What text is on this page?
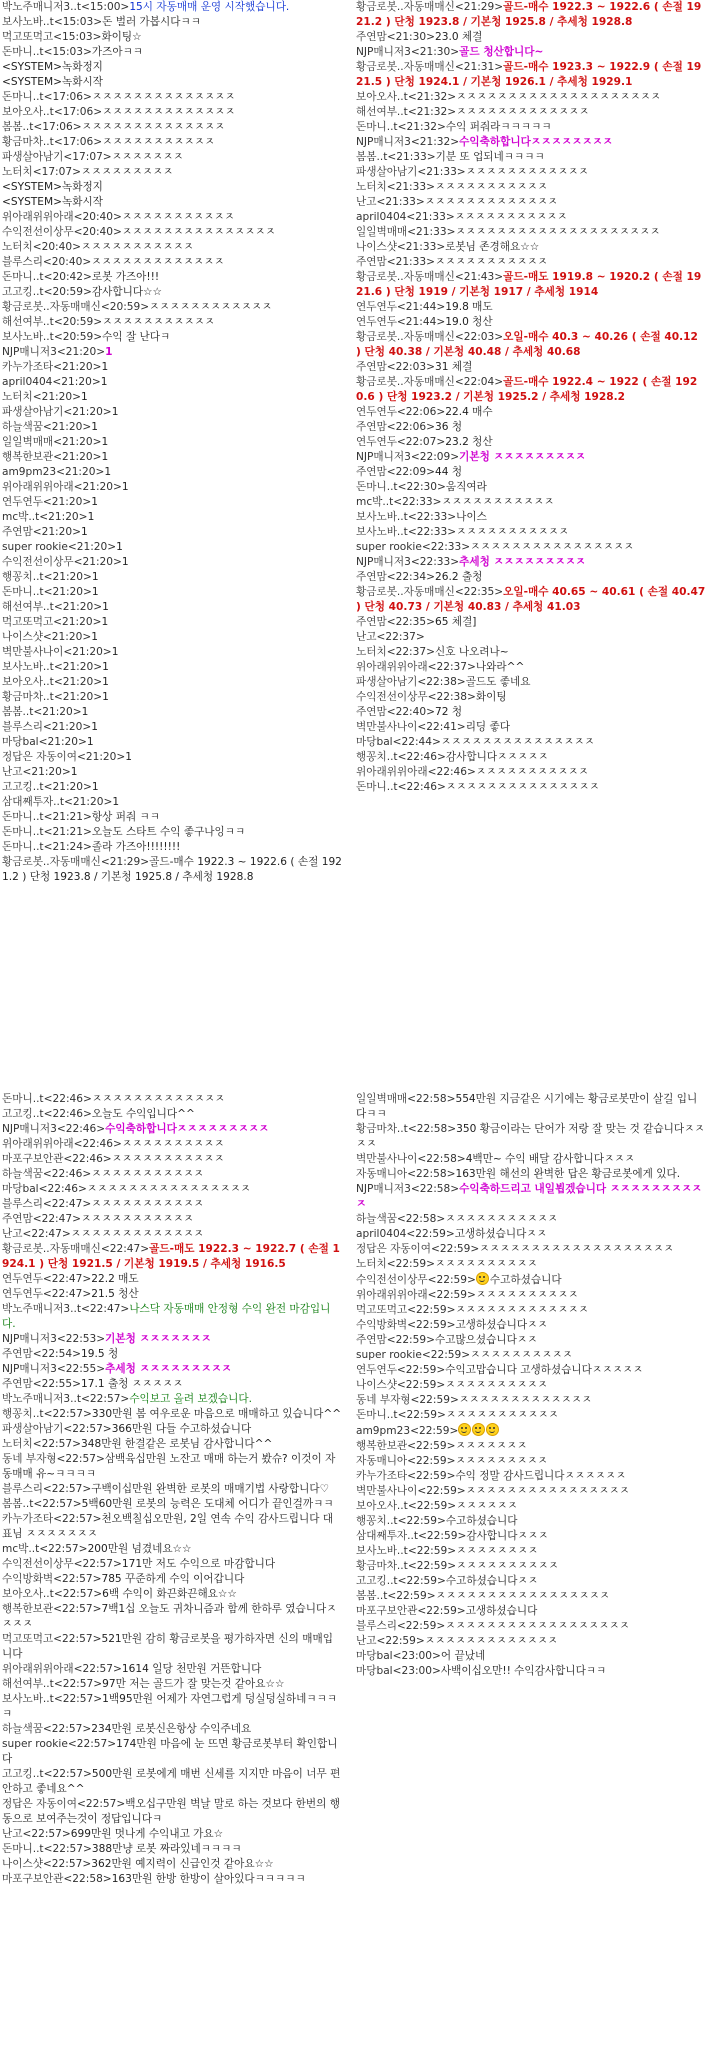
박노주매니저3..t<15:00>15시 자동매매 운영 시작했습니다.
보사노바..t<15:03>돈 벌러 가봅시다ㅋㅋ
먹고또먹고<15:03>화이팅☆
돈마니..t<15:03>가즈아ㅋㅋ
<SYSTEM>녹화정지
<SYSTEM>녹화시작
돈마니..t<17:06>ㅈㅈㅈㅈㅈㅈㅈㅈㅈㅈㅈㅈㅈㅈ
보아오사..t<17:06>ㅈㅈㅈㅈㅈㅈㅈㅈㅈㅈㅈㅈㅈ
봄봄..t<17:06>ㅈㅈㅈㅈㅈㅈㅈㅈㅈㅈㅈㅈㅈㅈ
황금마차..t<17:06>ㅈㅈㅈㅈㅈㅈㅈㅈㅈㅈㅈ
파생살아남기<17:07>ㅈㅈㅈㅈㅈㅈㅈ
노터치<17:07>ㅈㅈㅈㅈㅈㅈㅈㅈㅈ
<SYSTEM>녹화정지
<SYSTEM>녹화시작
위아래위위아래<20:40>ㅈㅈㅈㅈㅈㅈㅈㅈㅈㅈㅈ
수익전선이상무<20:40>ㅈㅈㅈㅈㅈㅈㅈㅈㅈㅈㅈㅈㅈㅈㅈ
노터치<20:40>ㅈㅈㅈㅈㅈㅈㅈㅈㅈㅈㅈ
블루스리<20:40>ㅈㅈㅈㅈㅈㅈㅈㅈㅈㅈㅈㅈㅈ
돈마니..t<20:42>로봇 가즈아!!!
고고킹..t<20:59>감사합니다☆☆
황금로봇..자동매매신<20:59>ㅈㅈㅈㅈㅈㅈㅈㅈㅈㅈㅈㅈ
해선여부..t<20:59>ㅈㅈㅈㅈㅈㅈㅈㅈㅈㅈㅈ
보사노바..t<20:59>수익 잘 난다ㅋ
NJP매니저3<21:20>1
카누가조타<21:20>1
april0404<21:20>1
노터치<21:20>1
파생살아남기<21:20>1
하늘색꿈<21:20>1
일일벽매매<21:20>1
행복한보관<21:20>1
am9pm23<21:20>1
위아래위위아래<21:20>1
연두연두<21:20>1
mc박..t<21:20>1
주연맘<21:20>1
super rookie<21:20>1
수익전선이상무<21:20>1
행꽁치..t<21:20>1
돈마니..t<21:20>1
해선여부..t<21:20>1
먹고또먹고<21:20>1
나이스샷<21:20>1
벽만불사나이<21:20>1
보사노바..t<21:20>1
보아오사..t<21:20>1
황금마차..t<21:20>1
봄봄..t<21:20>1
블루스리<21:20>1
마당bal<21:20>1
정답은 자동이여<21:20>1
난고<21:20>1
고고킹..t<21:20>1
삼대째투자..t<21:20>1
돈마니..t<21:21>항상 퍼줘 ㅋㅋ
돈마니..t<21:21>오늘도 스타트 수익 좋구나잉ㅋㅋ
돈마니..t<21:24>졸라 가즈아!!!!!!!!
황금로봇..자동매매신<21:29>골드-매수 1922.3 ~ 1922.6 ( 손절 1921.2 ) 단청 1923.8 / 기본청 1925.8 / 추세청 1928.8
황금로봇..자동매매신<21:29>골드-매수 1922.3 ~ 1922.6 ( 손절 1921.2 ) 단청 1923.8 / 기본청 1925.8 / 추세청 1928.8
주연맘<21:30>23.0 체결
NJP매니저3<21:30>골드 청산합니다~
황금로봇..자동매매신<21:31>골드-매수 1923.3 ~ 1922.9 ( 손절 1921.5 ) 단청 1924.1 / 기본청 1926.1 / 추세청 1929.1
보아오사..t<21:32>ㅈㅈㅈㅈㅈㅈㅈㅈㅈㅈㅈㅈㅈㅈㅈㅈㅈㅈㅈㅈ
해선여부..t<21:32>ㅈㅈㅈㅈㅈㅈㅈㅈㅈㅈㅈㅈㅈ
돈마니..t<21:32>수익 퍼줘라ㅋㅋㅋㅋㅋ
NJP매니저3<21:32>수익축하합니다ㅈㅈㅈㅈㅈㅈㅈㅈ
봄봄..t<21:33>기분 또 업되네ㅋㅋㅋㅋ
파생살아남기<21:33>ㅈㅈㅈㅈㅈㅈㅈㅈㅈㅈㅈㅈ
노터치<21:33>ㅈㅈㅈㅈㅈㅈㅈㅈㅈㅈㅈ
난고<21:33>ㅈㅈㅈㅈㅈㅈㅈㅈㅈㅈㅈㅈㅈ
april0404<21:33>ㅈㅈㅈㅈㅈㅈㅈㅈㅈㅈㅈ
일일벽매매<21:33>ㅈㅈㅈㅈㅈㅈㅈㅈㅈㅈㅈㅈㅈㅈㅈㅈㅈㅈㅈㅈ
나이스샷<21:33>로봇님 존경해요☆☆
주연맘<21:33>ㅈㅈㅈㅈㅈㅈㅈㅈㅈㅈㅈ
황금로봇..자동매매신<21:43>골드-매도 1919.8 ~ 1920.2 ( 손절 1921.6 ) 단청 1919 / 기본청 1917 / 추세청 1914
연두연두<21:44>19.8 매도
연두연두<21:44>19.0 청산
황금로봇..자동매매신<22:03>오일-매수 40.3 ~ 40.26 ( 손절 40.12 ) 단청 40.38 / 기본청 40.48 / 추세청 40.68
주연맘<22:03>31 체결
황금로봇..자동매매신<22:04>골드-매수 1922.4 ~ 1922 ( 손절 1920.6 ) 단청 1923.2 / 기본청 1925.2 / 추세청 1928.2
연두연두<22:06>22.4 매수
주연맘<22:06>36 청
연두연두<22:07>23.2 청산
NJP매니저3<22:09>기본청 ㅈㅈㅈㅈㅈㅈㅈㅈㅈ
주연맘<22:09>44 청
돈마니..t<22:30>움직여라
mc박..t<22:33>ㅈㅈㅈㅈㅈㅈㅈㅈㅈㅈㅈ
보사노바..t<22:33>나이스
보사노바..t<22:33>ㅈㅈㅈㅈㅈㅈㅈㅈㅈㅈㅈ
super rookie<22:33>ㅈㅈㅈㅈㅈㅈㅈㅈㅈㅈㅈㅈㅈㅈㅈㅈ
NJP매니저3<22:33>추세청 ㅈㅈㅈㅈㅈㅈㅈㅈㅈ
주연맘<22:34>26.2 출청
황금로봇..자동매매신<22:35>오일-매수 40.65 ~ 40.61 ( 손절 40.47 ) 단청 40.73 / 기본청 40.83 / 추세청 41.03
주연맘<22:35>65 체결]
난고<22:37>
노터치<22:37>신호 나오려나~
위아래위위아래<22:37>나와라^^
파생살아남기<22:38>골드도 좋네요
수익전선이상무<22:38>화이팅
주연맘<22:40>72 청
벽만불사나이<22:41>리딩 좋다
마당bal<22:44>ㅈㅈㅈㅈㅈㅈㅈㅈㅈㅈㅈㅈㅈㅈㅈ
행꽁치..t<22:46>감사합니다ㅈㅈㅈㅈㅈ
위아래위위아래<22:46>ㅈㅈㅈㅈㅈㅈㅈㅈㅈㅈㅈ
돈마니..t<22:46>ㅈㅈㅈㅈㅈㅈㅈㅈㅈㅈㅈㅈㅈㅈㅈ
돈마니..t<22:46>ㅈㅈㅈㅈㅈㅈㅈㅈㅈㅈㅈㅈㅈ
고고킹..t<22:46>오늘도 수익입니다^^
NJP매니저3<22:46>수익축하합니다ㅈㅈㅈㅈㅈㅈㅈㅈㅈ
위아래위위아래<22:46>ㅈㅈㅈㅈㅈㅈㅈㅈㅈㅈ
마포구보안관<22:46>ㅈㅈㅈㅈㅈㅈㅈㅈㅈㅈㅈ
하늘색꿈<22:46>ㅈㅈㅈㅈㅈㅈㅈㅈㅈㅈㅈ
마당bal<22:46>ㅈㅈㅈㅈㅈㅈㅈㅈㅈㅈㅈㅈㅈㅈㅈㅈ
블루스리<22:47>ㅈㅈㅈㅈㅈㅈㅈㅈㅈㅈㅈ
주연맘<22:47>ㅈㅈㅈㅈㅈㅈㅈㅈㅈㅈㅈ
난고<22:47>ㅈㅈㅈㅈㅈㅈㅈㅈㅈㅈㅈㅈㅈ
황금로봇..자동매매신<22:47>골드-매도 1922.3 ~ 1922.7 ( 손절 1924.1 ) 단청 1921.5 / 기본청 1919.5 / 추세청 1916.5
연두연두<22:47>22.2 매도
연두연두<22:47>21.5 청산
박노주매니저3..t<22:47>나스닥 자동매매 안정형 수익 완전 마감입니다.
NJP매니저3<22:53>기본청 ㅈㅈㅈㅈㅈㅈㅈ
주연맘<22:54>19.5 청
NJP매니저3<22:55>추세청 ㅈㅈㅈㅈㅈㅈㅈㅈㅈ
주연맘<22:55>17.1 출청 ㅈㅈㅈㅈㅈ
박노주매니저3..t<22:57>수익보고 올려 보겠습니다.
행꽁치..t<22:57>330만원 봄 여우로운 마음으로 매매하고 있습니다^^
파생살아남기<22:57>366만원 다들 수고하셨습니다
노터치<22:57>348만원 한결같은 로봇님 감사합니다^^
동네 부자형<22:57>삼백육십만원 노잔고 매매 하는거 봤슈? 이것이 자동매매 유~ㅋㅋㅋㅋ
블루스리<22:57>구백이십만원 완벽한 로봇의 매매기법 사랑합니다♡
봄봄..t<22:57>5백60만원 로봇의 능력은 도대체 어디가 끝인걸까ㅋㅋ
카누가조타<22:57>천오백칠십오만원, 2일 연속 수익 감사드립니다 대표님 ㅈㅈㅈㅈㅈㅈㅈ
mc박..t<22:57>200만원 넘겼네요☆☆
수익전선이상무<22:57>171만 저도 수익으로 마감합니다
수익방화벽<22:57>785 꾸준하게 수익 이어갑니다
보아오사..t<22:57>6백 수익이 화끈화끈해요☆☆
행복한보관<22:57>7백1십 오늘도 귀차니즘과 함께 한하루 였습니다ㅈㅈㅈㅈ
먹고또먹고<22:57>521만원 감히 황금로봇을 평가하자면 신의 매매입니다
위아래위위아래<22:57>1614 일당 천만원 거뜬합니다
해선여부..t<22:57>97만 저는 골드가 잘 맞는것 같아요☆☆
보사노바..t<22:57>1백95만원 어제가 자연그럽게 덩실덩실하네ㅋㅋㅋㅋ
하늘색꿈<22:57>234만원 로봇신은항상 수익주네요
super rookie<22:57>174만원 마음에 눈 뜨면 황금로봇부터 확인합니다
고고킹..t<22:57>500만원 로봇에게 매번 신세를 지지만 마음이 너무 편안하고 좋네요^^
정답은 자동이여<22:57>백오십구만원 벽날 말로 하는 것보다 한번의 행동으로 보여주는것이 정답입니다ㅋ
난고<22:57>699만원 멋나게 수익내고 가요☆
돈마니..t<22:57>388만냥 로봇 짜라있네ㅋㅋㅋㅋ
나이스샷<22:57>362만원 예지력이 신급인것 같아요☆☆
마포구보안관<22:58>163만원 한방 한방이 살아있다ㅋㅋㅋㅋㅋ
일일벽매매<22:58>554만원 지금같은 시기에는 황금로봇만이 살길 입니다ㅋㅋ
황금마차..t<22:58>350 황금이라는 단어가 저랑 잘 맞는 것 같습니다ㅈㅈㅈㅈ
벽만불사나이<22:58>4백만~ 수익 배달 감사합니다ㅈㅈㅈ
자동매니아<22:58>163만원 해선의 완벽한 답은 황금로봇에게 있다.
NJP매니저3<22:58>수익축하드리고 내일뵙겠습니다 ㅈㅈㅈㅈㅈㅈㅈㅈㅈㅈ
하늘색꿈<22:58>ㅈㅈㅈㅈㅈㅈㅈㅈㅈㅈㅈ
april0404<22:59>고생하셨습니다ㅈㅈ
정답은 자동이여<22:59>ㅈㅈㅈㅈㅈㅈㅈㅈㅈㅈㅈㅈㅈㅈㅈㅈㅈㅈㅈ
노터치<22:59>ㅈㅈㅈㅈㅈㅈㅈㅈㅈㅈ
수익전선이상무<22:59> 수고하셨습니다
위아래위위아래<22:59>ㅈㅈㅈㅈㅈㅈㅈㅈㅈㅈ
먹고또먹고<22:59>ㅈㅈㅈㅈㅈㅈㅈㅈㅈㅈㅈㅈㅈ
수익방화벽<22:59>고생하셨습니다ㅈㅈ
주연맘<22:59>수고많으셨습니다ㅈㅈ
super rookie<22:59>ㅈㅈㅈㅈㅈㅈㅈㅈㅈㅈ
연두연두<22:59>수익고맙습니다 고생하셨습니다ㅈㅈㅈㅈㅈ
나이스샷<22:59>ㅈㅈㅈㅈㅈㅈㅈㅈㅈㅈ
동네 부자형<22:59>ㅈㅈㅈㅈㅈㅈㅈㅈㅈㅈㅈㅈㅈ
돈마니..t<22:59>ㅈㅈㅈㅈㅈㅈㅈㅈㅈㅈㅈ
am9pm23<22:59>
행복한보관<22:59>ㅈㅈㅈㅈㅈㅈㅈ
자동매니아<22:59>ㅈㅈㅈㅈㅈㅈㅈㅈㅈ
카누가조타<22:59>수익 정말 감사드립니다ㅈㅈㅈㅈㅈㅈ
벽만불사나이<22:59>ㅈㅈㅈㅈㅈㅈㅈㅈㅈㅈㅈㅈㅈㅈㅈㅈ
보아오사..t<22:59>ㅈㅈㅈㅈㅈㅈ
행꽁치..t<22:59>수고하셨습니다
삼대째투자..t<22:59>감사합니다ㅈㅈㅈ
보사노바..t<22:59>ㅈㅈㅈㅈㅈㅈㅈㅈ
황금마차..t<22:59>ㅈㅈㅈㅈㅈㅈㅈㅈㅈㅈ
고고킹..t<22:59>수고하셨습니다ㅈㅈ
봄봄..t<22:59>ㅈㅈㅈㅈㅈㅈㅈㅈㅈㅈㅈㅈㅈㅈㅈㅈㅈ
마포구보안관<22:59>고생하셨습니다
블루스리<22:59>ㅈㅈㅈㅈㅈㅈㅈㅈㅈㅈㅈㅈㅈㅈㅈㅈㅈㅈ
난고<22:59>ㅈㅈㅈㅈㅈㅈㅈㅈㅈㅈㅈㅈㅈ
마당bal<23:00>어 끝났네
마당bal<23:00>사백이십오만!! 수익감사합니다ㅋㅋ
